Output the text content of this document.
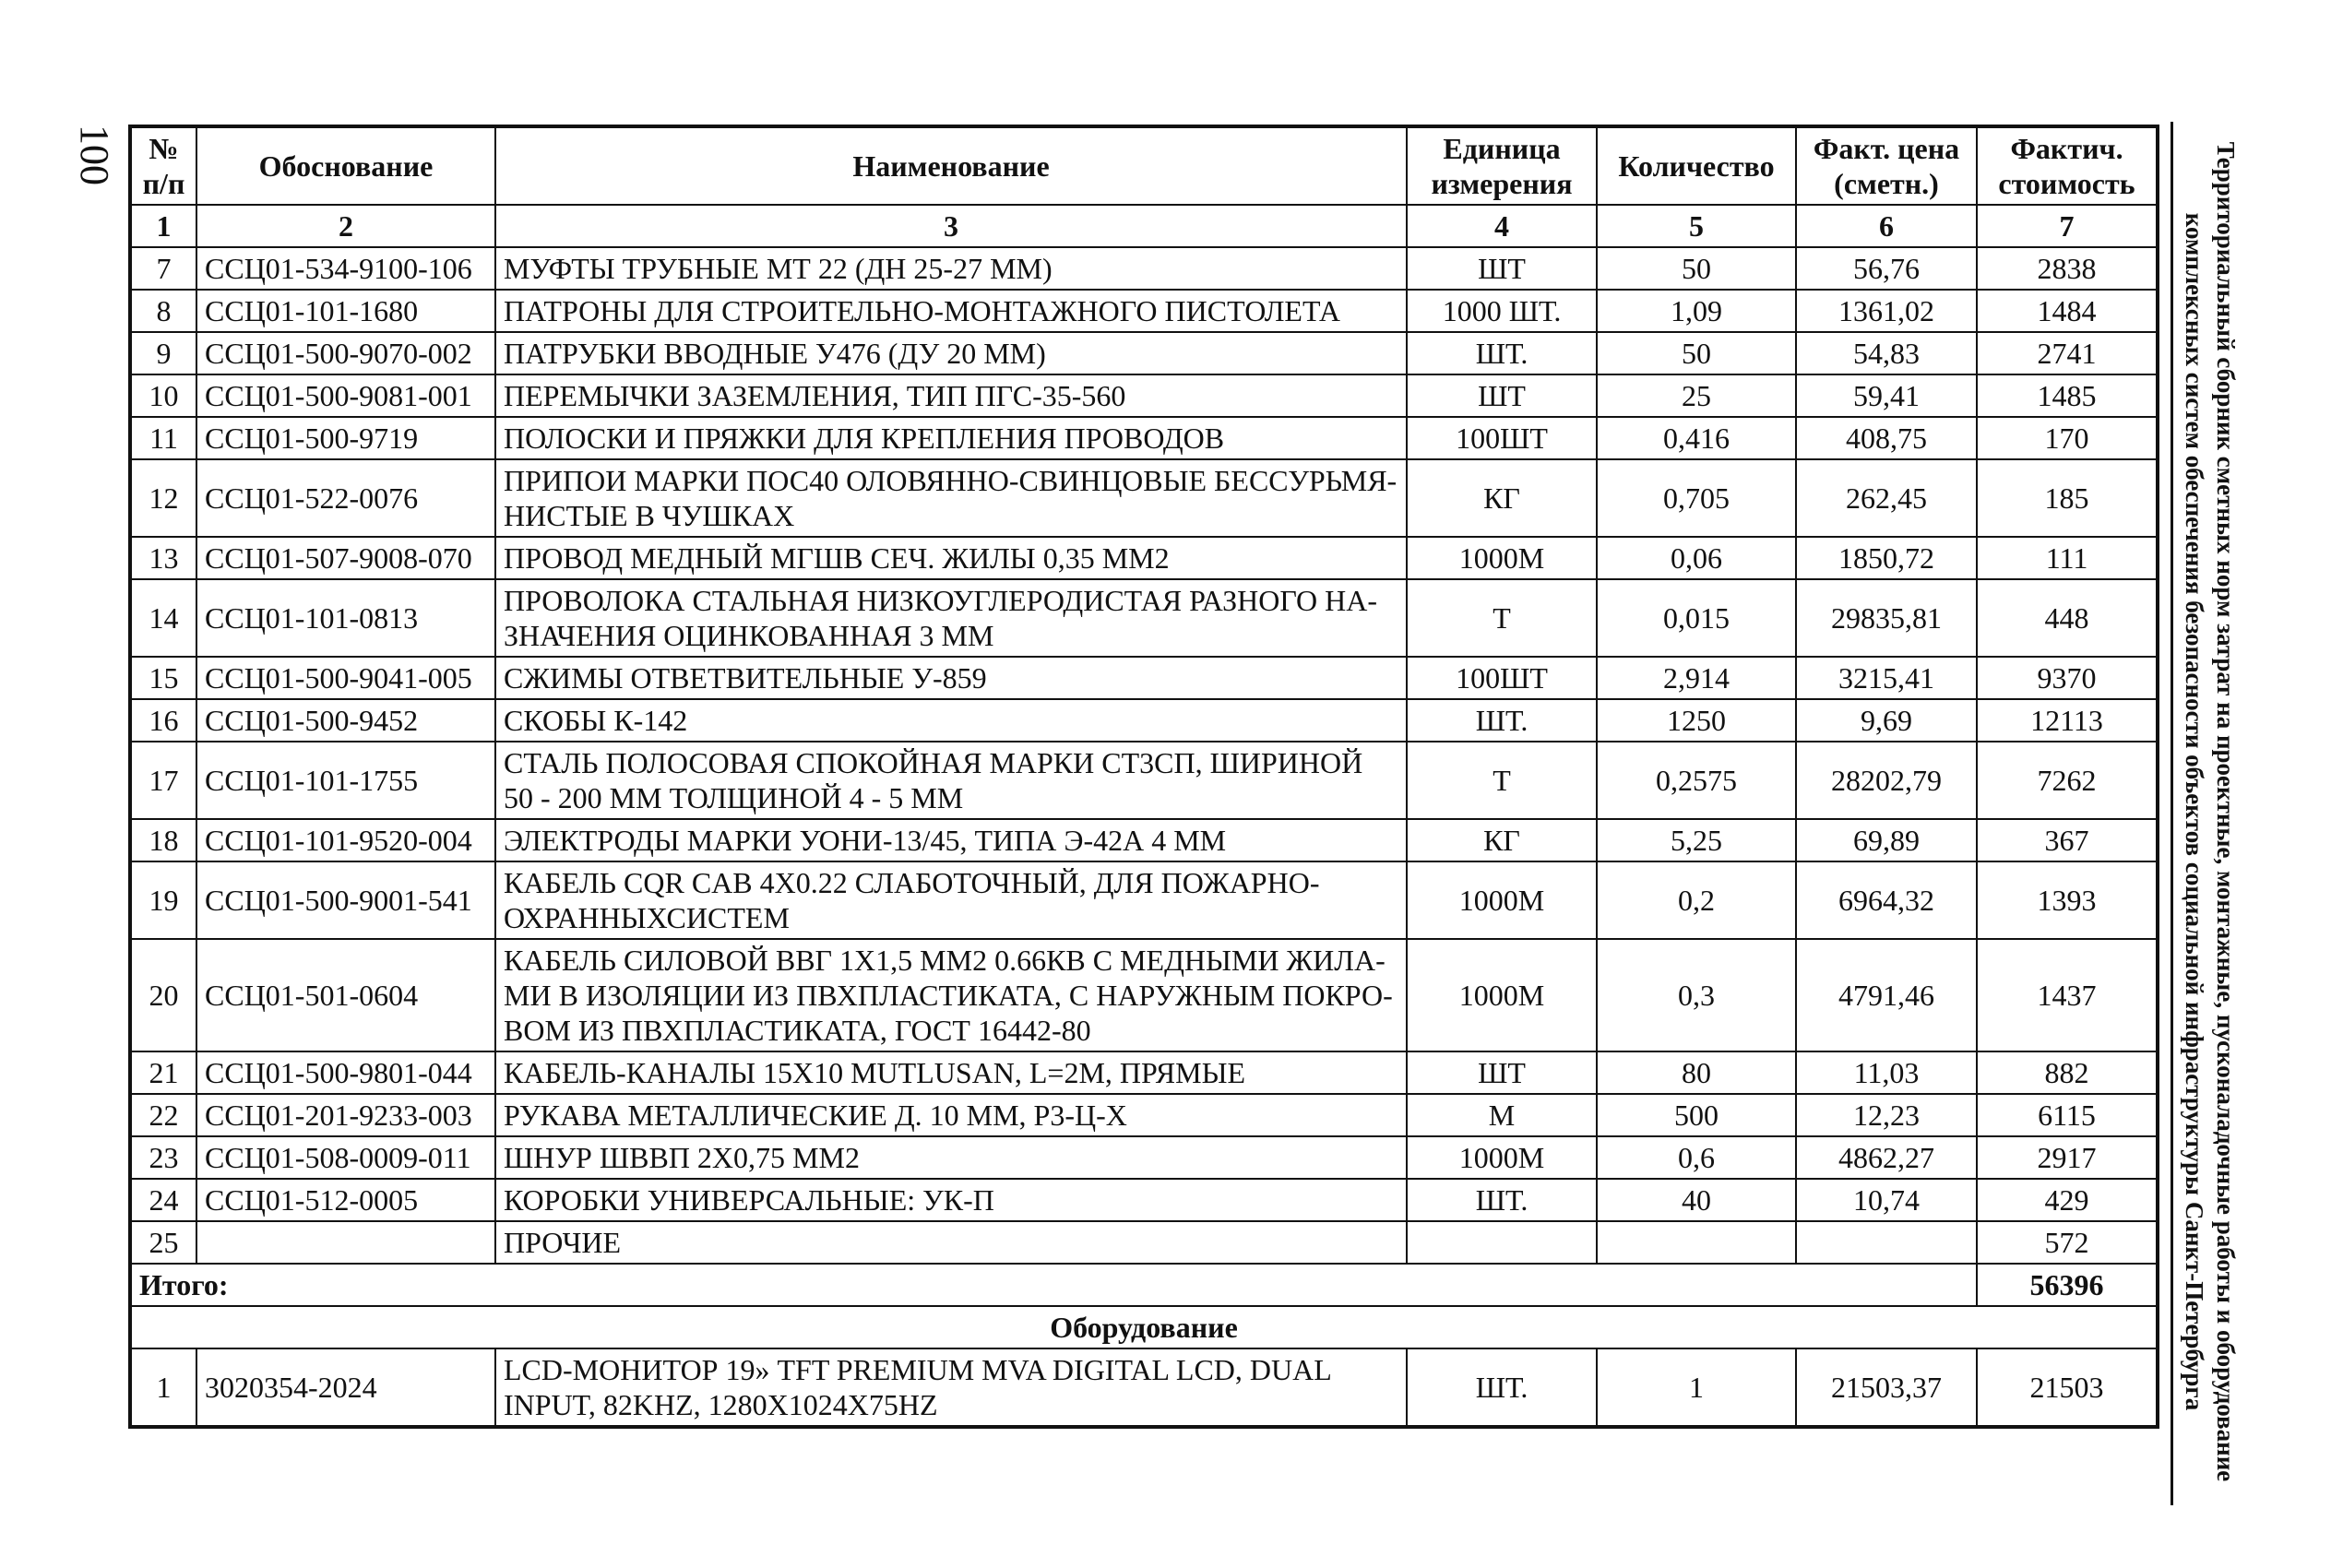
100	Территориальный сборник сметных норм затрат на проектные, монтажные, пусконаладочные работы и оборудование комплексных систем обеспечения безопасности объектов социальной инфраструктуры Санкт-Петербурга
№ п/п	Обоснование	Наименование	Единица измерения	Количество	Факт. цена (сметн.)	Фактич. стоимость
1	2	3	4	5	6	7
7	ССЦ01-534-9100-106	МУФТЫ ТРУБНЫЕ МТ 22 (ДН 25-27 ММ)	ШТ	50	56,76	2838
8	ССЦ01-101-1680	ПАТРОНЫ ДЛЯ СТРОИТЕЛЬНО-МОНТАЖНОГО ПИСТОЛЕТА	1000 ШТ.	1,09	1361,02	1484
9	ССЦ01-500-9070-002	ПАТРУБКИ ВВОДНЫЕ У476 (ДУ 20 ММ)	ШТ.	50	54,83	2741
10	ССЦ01-500-9081-001	ПЕРЕМЫЧКИ ЗАЗЕМЛЕНИЯ, ТИП ПГС-35-560	ШТ	25	59,41	1485
11	ССЦ01-500-9719	ПОЛОСКИ И ПРЯЖКИ ДЛЯ КРЕПЛЕНИЯ ПРОВОДОВ	100ШТ	0,416	408,75	170
12	ССЦ01-522-0076	ПРИПОИ МАРКИ ПОС40 ОЛОВЯННО-СВИНЦОВЫЕ БЕССУРЬМЯ-НИСТЫЕ В ЧУШКАХ	КГ	0,705	262,45	185
13	ССЦ01-507-9008-070	ПРОВОД МЕДНЫЙ МГШВ СЕЧ. ЖИЛЫ 0,35 ММ2	1000М	0,06	1850,72	111
14	ССЦ01-101-0813	ПРОВОЛОКА СТАЛЬНАЯ НИЗКОУГЛЕРОДИСТАЯ РАЗНОГО НА-ЗНАЧЕНИЯ ОЦИНКОВАННАЯ 3 ММ	Т	0,015	29835,81	448
15	ССЦ01-500-9041-005	СЖИМЫ ОТВЕТВИТЕЛЬНЫЕ У-859	100ШТ	2,914	3215,41	9370
16	ССЦ01-500-9452	СКОБЫ К-142	ШТ.	1250	9,69	12113
17	ССЦ01-101-1755	СТАЛЬ ПОЛОСОВАЯ СПОКОЙНАЯ МАРКИ СТ3СП, ШИРИНОЙ 50 - 200 ММ ТОЛЩИНОЙ 4 - 5 ММ	Т	0,2575	28202,79	7262
18	ССЦ01-101-9520-004	ЭЛЕКТРОДЫ МАРКИ УОНИ-13/45, ТИПА Э-42А 4 ММ	КГ	5,25	69,89	367
19	ССЦ01-500-9001-541	КАБЕЛЬ CQR CAB 4X0.22 СЛАБОТОЧНЫЙ, ДЛЯ ПОЖАРНО-ОХРАННЫХСИСТЕМ	1000М	0,2	6964,32	1393
20	ССЦ01-501-0604	КАБЕЛЬ СИЛОВОЙ ВВГ 1Х1,5 ММ2 0.66КВ С МЕДНЫМИ ЖИЛА-МИ В ИЗОЛЯЦИИ ИЗ ПВХПЛАСТИКАТА, С НАРУЖНЫМ ПОКРО-ВОМ ИЗ ПВХПЛАСТИКАТА, ГОСТ 16442-80	1000М	0,3	4791,46	1437
21	ССЦ01-500-9801-044	КАБЕЛЬ-КАНАЛЫ 15X10 MUTLUSAN, L=2M, ПРЯМЫЕ	ШТ	80	11,03	882
22	ССЦ01-201-9233-003	РУКАВА МЕТАЛЛИЧЕСКИЕ Д. 10 ММ, Р3-Ц-Х	М	500	12,23	6115
23	ССЦ01-508-0009-011	ШНУР ШВВП 2Х0,75 ММ2	1000М	0,6	4862,27	2917
24	ССЦ01-512-0005	КОРОБКИ УНИВЕРСАЛЬНЫЕ: УК-П	ШТ.	40	10,74	429
25		ПРОЧИЕ				572
Итого:						56396
Оборудование						
1	3020354-2024	LCD-МОНИТОР 19» TFT PREMIUM MVA DIGITAL LCD, DUAL INPUT, 82KHZ, 1280X1024X75HZ	ШТ.	1	21503,37	21503
